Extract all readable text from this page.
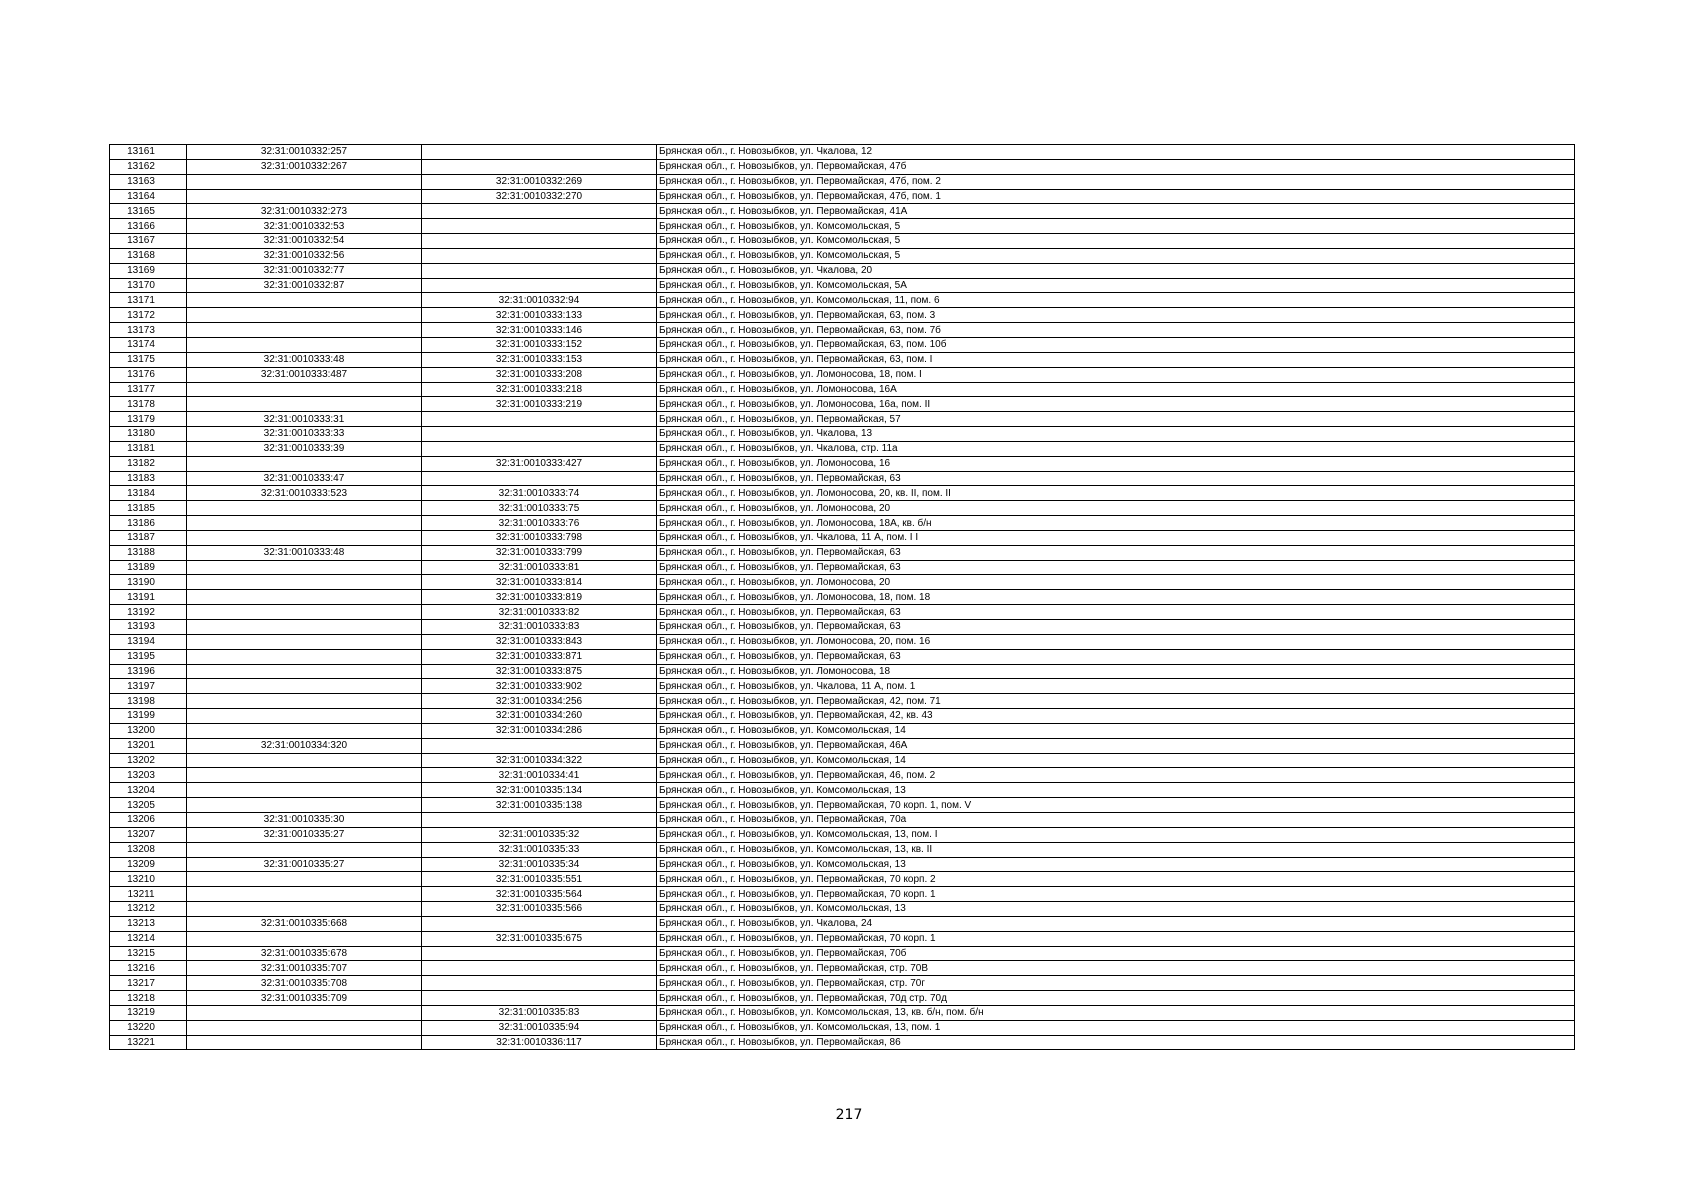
13161	32:31:0010332:257		Брянская обл., г. Новозыбков, ул. Чкалова, 12
13162	32:31:0010332:267		Брянская обл., г. Новозыбков, ул. Первомайская, 47б
13163		32:31:0010332:269	Брянская обл., г. Новозыбков, ул. Первомайская, 47б, пом. 2
13164		32:31:0010332:270	Брянская обл., г. Новозыбков, ул. Первомайская, 47б, пом. 1
13165	32:31:0010332:273		Брянская обл., г. Новозыбков, ул. Первомайская, 41А
13166	32:31:0010332:53		Брянская обл., г. Новозыбков, ул. Комсомольская, 5
13167	32:31:0010332:54		Брянская обл., г. Новозыбков, ул. Комсомольская, 5
13168	32:31:0010332:56		Брянская обл., г. Новозыбков, ул. Комсомольская, 5
13169	32:31:0010332:77		Брянская обл., г. Новозыбков, ул. Чкалова, 20
13170	32:31:0010332:87		Брянская обл., г. Новозыбков, ул. Комсомольская, 5А
13171		32:31:0010332:94	Брянская обл., г. Новозыбков, ул. Комсомольская, 11, пом. 6
13172		32:31:0010333:133	Брянская обл., г. Новозыбков, ул. Первомайская, 63, пом. 3
13173		32:31:0010333:146	Брянская обл., г. Новозыбков, ул. Первомайская, 63, пом. 7б
13174		32:31:0010333:152	Брянская обл., г. Новозыбков, ул. Первомайская, 63, пом. 10б
13175	32:31:0010333:48	32:31:0010333:153	Брянская обл., г. Новозыбков, ул. Первомайская, 63, пом. I
13176	32:31:0010333:487	32:31:0010333:208	Брянская обл., г. Новозыбков, ул. Ломоносова, 18, пом. I
13177		32:31:0010333:218	Брянская обл., г. Новозыбков, ул. Ломоносова, 16А
13178		32:31:0010333:219	Брянская обл., г. Новозыбков, ул. Ломоносова, 16а, пом. II
13179	32:31:0010333:31		Брянская обл., г. Новозыбков, ул. Первомайская, 57
13180	32:31:0010333:33		Брянская обл., г. Новозыбков, ул. Чкалова, 13
13181	32:31:0010333:39		Брянская обл., г. Новозыбков, ул. Чкалова, стр. 11а
13182		32:31:0010333:427	Брянская обл., г. Новозыбков, ул. Ломоносова, 16
13183	32:31:0010333:47		Брянская обл., г. Новозыбков, ул. Первомайская, 63
13184	32:31:0010333:523	32:31:0010333:74	Брянская обл., г. Новозыбков, ул. Ломоносова, 20, кв. II, пом. II
13185		32:31:0010333:75	Брянская обл., г. Новозыбков, ул. Ломоносова, 20
13186		32:31:0010333:76	Брянская обл., г. Новозыбков, ул. Ломоносова, 18А, кв. б/н
13187		32:31:0010333:798	Брянская обл., г. Новозыбков, ул. Чкалова, 11 А, пом. I I
13188	32:31:0010333:48	32:31:0010333:799	Брянская обл., г. Новозыбков, ул. Первомайская, 63
13189		32:31:0010333:81	Брянская обл., г. Новозыбков, ул. Первомайская, 63
13190		32:31:0010333:814	Брянская обл., г. Новозыбков, ул. Ломоносова, 20
13191		32:31:0010333:819	Брянская обл., г. Новозыбков, ул. Ломоносова, 18, пом. 18
13192		32:31:0010333:82	Брянская обл., г. Новозыбков, ул. Первомайская, 63
13193		32:31:0010333:83	Брянская обл., г. Новозыбков, ул. Первомайская, 63
13194		32:31:0010333:843	Брянская обл., г. Новозыбков, ул. Ломоносова, 20, пом. 16
13195		32:31:0010333:871	Брянская обл., г. Новозыбков, ул. Первомайская, 63
13196		32:31:0010333:875	Брянская обл., г. Новозыбков, ул. Ломоносова, 18
13197		32:31:0010333:902	Брянская обл., г. Новозыбков, ул. Чкалова, 11 А, пом. 1
13198		32:31:0010334:256	Брянская обл., г. Новозыбков, ул. Первомайская, 42, пом. 71
13199		32:31:0010334:260	Брянская обл., г. Новозыбков, ул. Первомайская, 42, кв. 43
13200		32:31:0010334:286	Брянская обл., г. Новозыбков, ул. Комсомольская, 14
13201	32:31:0010334:320		Брянская обл., г. Новозыбков, ул. Первомайская, 46А
13202		32:31:0010334:322	Брянская обл., г. Новозыбков, ул. Комсомольская, 14
13203		32:31:0010334:41	Брянская обл., г. Новозыбков, ул. Первомайская, 46, пом. 2
13204		32:31:0010335:134	Брянская обл., г. Новозыбков, ул. Комсомольская, 13
13205		32:31:0010335:138	Брянская обл., г. Новозыбков, ул. Первомайская, 70 корп. 1, пом. V
13206	32:31:0010335:30		Брянская обл., г. Новозыбков, ул. Первомайская, 70а
13207	32:31:0010335:27	32:31:0010335:32	Брянская обл., г. Новозыбков, ул. Комсомольская, 13, пом. I
13208		32:31:0010335:33	Брянская обл., г. Новозыбков, ул. Комсомольская, 13, кв. II
13209	32:31:0010335:27	32:31:0010335:34	Брянская обл., г. Новозыбков, ул. Комсомольская, 13
13210		32:31:0010335:551	Брянская обл., г. Новозыбков, ул. Первомайская, 70 корп. 2
13211		32:31:0010335:564	Брянская обл., г. Новозыбков, ул. Первомайская, 70 корп. 1
13212		32:31:0010335:566	Брянская обл., г. Новозыбков, ул. Комсомольская, 13
13213	32:31:0010335:668		Брянская обл., г. Новозыбков, ул. Чкалова, 24
13214		32:31:0010335:675	Брянская обл., г. Новозыбков, ул. Первомайская, 70 корп. 1
13215	32:31:0010335:678		Брянская обл., г. Новозыбков, ул. Первомайская, 70б
13216	32:31:0010335:707		Брянская обл., г. Новозыбков, ул. Первомайская, стр. 70В
13217	32:31:0010335:708		Брянская обл., г. Новозыбков, ул. Первомайская, стр. 70г
13218	32:31:0010335:709		Брянская обл., г. Новозыбков, ул. Первомайская, 70д стр. 70д
13219		32:31:0010335:83	Брянская обл., г. Новозыбков, ул. Комсомольская, 13, кв. б/н, пом. б/н
13220		32:31:0010335:94	Брянская обл., г. Новозыбков, ул. Комсомольская, 13, пом. 1
13221		32:31:0010336:117	Брянская обл., г. Новозыбков, ул. Первомайская, 86
217
